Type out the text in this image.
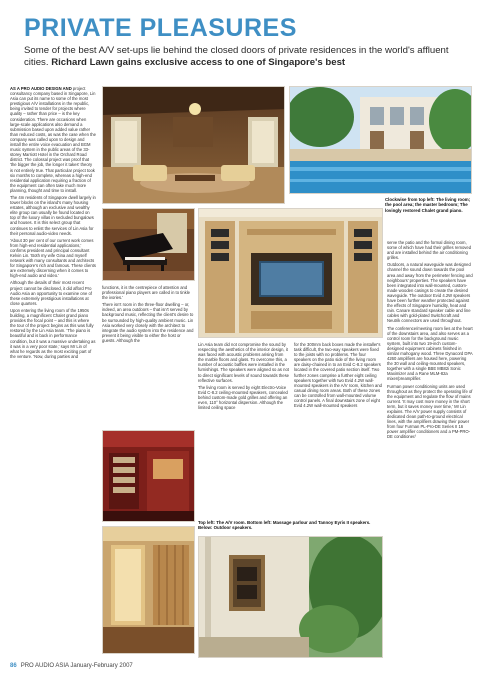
PRIVATE PLEASURES
Some of the best A/V set-ups lie behind the closed doors of private residences in the world's affluent cities. Richard Lawn gains exclusive access to one of Singapore's best

AS A PRO AUDIO DESIGN AND project consultancy company based in Singapore, Lin Asia can put its name to some of the most prestigious A/V installations in the republic, being invited to tender for projects where quality – rather than price – is the key consideration. There are occasions when large-scale applications also demand a submission based upon added value rather than reduced costs, as was the case when the company was called upon to design and install the entire voice evacuation and BGM music system in the public areas of the 33-storey Marriott Hotel in the Orchard Road district. The colossal project was proof that 'the bigger the job, the longer it takes' theory is not entirely true. That particular project took six months to complete, whereas a high-end residential application requiring a fraction of the equipment can often take much more planning, thought and time to install.

The 4m residents of Singapore dwell largely in tower blocks on the island's many housing estates, although an exclusive and wealthy elite group can usually be found located on top of the luxury villas in secluded bungalows and houses. It is this select group that continues to enlist the services of Lin Asia for their personal audio-video needs.

'About 30 per cent of our current work comes from high-end residential applications,' confirms president and principal consultant Kelvin Lin. 'Both my wife Gina and myself network with many consultants and architects for Singapore's rich and famous. These clients are extremely discerning when it comes to high-end audio and video.'

Although the details of their most recent project cannot be disclosed, it did afford Pro Audio Asia an opportunity to examine one of these extremely prestigious installations at close quarters.

Upon entering the living room of the 1950s building, a magnificent Chalet grand piano provides the focal point – and this is where the tour of the project begins as this was fully restored by the Lin Asia team. 'The piano is beautiful and is back in performance condition, but it was a massive undertaking as it was in a very poor state,' says Mr Lin of what he regards as the most exciting part of the venture. 'Now, during parties and

Clockwise from top left: The living room; the pool area; the master bedroom; The lovingly restored Chalet grand piano.

functions, it is the centrepiece of attention and professional piano players are called in to tinkle the ivories.'

There isn't room in the three-floor dwelling – or, indeed, an area outdoors – that isn't served by background music, reflecting the client's desire to be surrounded by high-quality ambient music. Lin Asia worked very closely with the architect to integrate the audio system into the residence and prevent it being visible to either the host or guests. Although the

Lin Asia team did not compromise the sound by respecting the aesthetics of the interior design, it was faced with acoustic problems arising from the marble floors and glass. To overcome this, a number of acoustic baffles were installed in the furnishings. The speakers were aligned so as not to direct significant levels of sound towards these reflective surfaces.

The living room is served by eight Electro-Voice Evid C-8.2 ceiling-mounted speakers, concealed behind custom-made gold grilles and offering an even, 110° horizontal dispersion. Although the limited ceiling space

for the 300mm back boxes made the installer's task difficult, the two-way speakers were fixed to the joists with no problems. The four speakers on the patio side of the living room are daisy-chained in to an Evid C-8.2 speakers located in the covered patio section itself. Two further zones comprise a further eight ceiling speakers together with two Evid 4.2W wall-mounted speakers in the A/V room, kitchen and casual dining room areas. Both of these zones can be controlled from wall-mounted volume control panels. A final downstairs zone of eight Evid 4.2W wall-mounted speakers

serve the patio and the formal dining room, some of which have had their grilles removed and are installed behind the air conditioning grilles.

Outdoors, a natural waveguide was designed channel the sound down towards the pool area and away from the perimeter fencing and neighbours' properties. The speakers have been integrated into wall-mounted, custom-made wooden casings to create the desired waveguide. The outdoor Evid 4.2W speakers have been further weather protected against the effects of Singapore humidity, heat and rain. Canare standard speaker cable and line cables with gold-plated Switchcraft and Neutrik connectors are used throughout.

The conference/meeting room lies at the heart of the downstairs area, and also serves as a control room for the background music system, built into two 19-inch custom-designed equipment cabinets finished in similar mahogany wood. Three Dynacord DPA 4260 amplifiers are housed here, powering the 30 wall and ceiling-mounted speakers, together with a single BBE MB82i Sonic Maximizer and a Rane MLM-82a mixer/preamplifier.

Furman power conditioning units are used throughout as they protect the operating life of the equipment and regulate the flow of mains current. 'It may cost more money in the short term, but it saves money over time,' Mr Lin explains. The A/V power supply consists of dedicated clean path-to-ground electrical lines, with the amplifiers drawing their power from four Furman PL-Pro-DE Series II 16 power amplifier conditioners and a PM-PRO-DE conditioner/

Top left: The A/V room. Bottom left: Massage parlour and Tannoy Eyris II speakers. Below: Outdoor speakers.
86 PRO AUDIO ASIA January-February 2007
